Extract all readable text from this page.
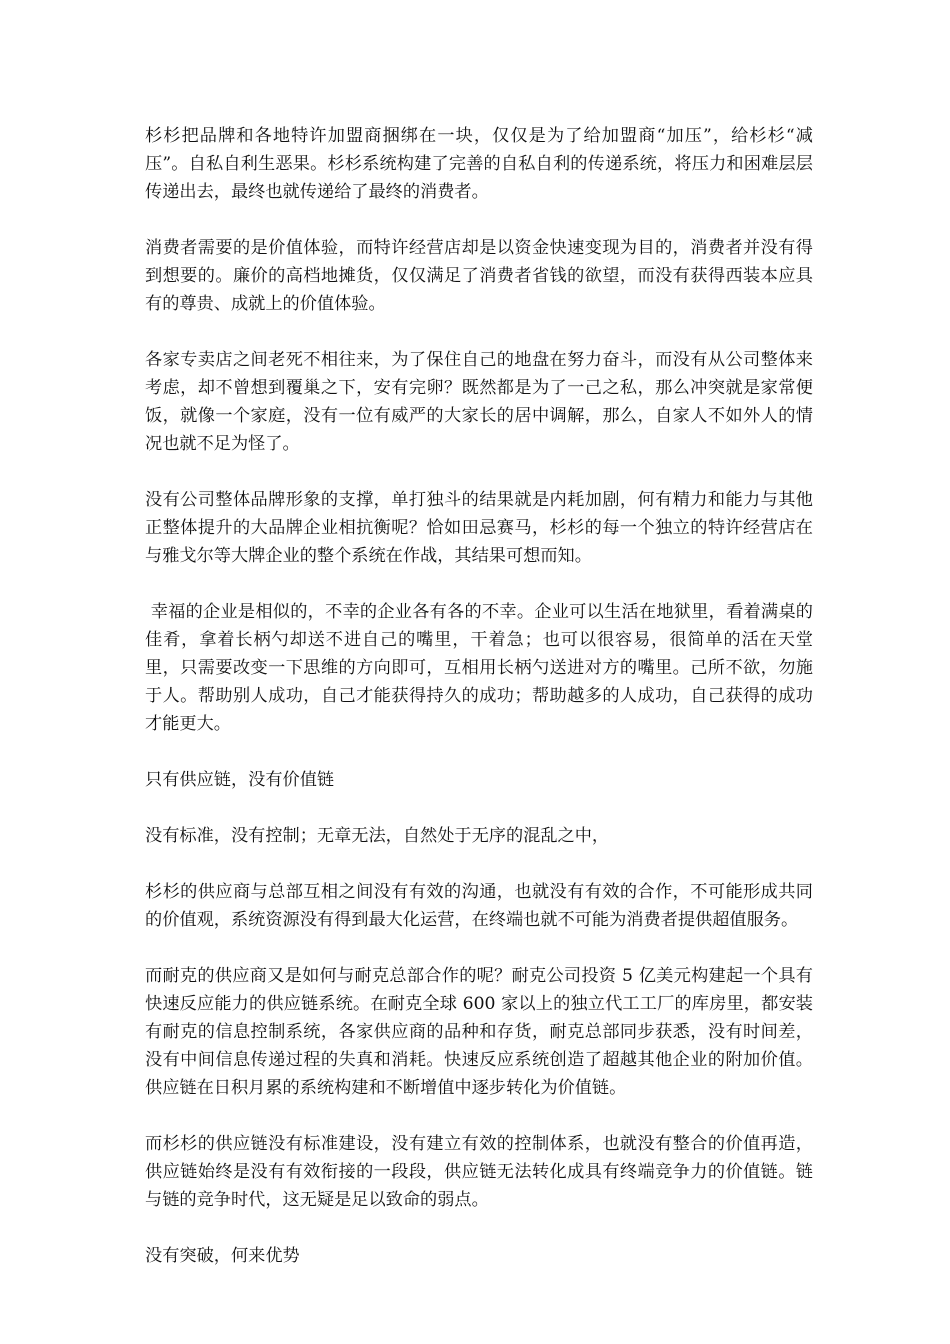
杉杉把品牌和各地特许加盟商捆绑在一块，仅仅是为了给加盟商“加压”，给杉杉“减压”。自私自利生恶果。杉杉系统构建了完善的自私自利的传递系统，将压力和困难层层传递出去，最终也就传递给了最终的消费者。

消费者需要的是价值体验，而特许经营店却是以资金快速变现为目的，消费者并没有得到想要的。廉价的高档地摊货，仅仅满足了消费者省钱的欲望，而没有获得西装本应具有的尊贵、成就上的价值体验。

各家专卖店之间老死不相往来，为了保住自己的地盘在努力奋斗，而没有从公司整体来考虑，却不曾想到覆巢之下，安有完卵？既然都是为了一己之私，那么冲突就是家常便饭，就像一个家庭，没有一位有威严的大家长的居中调解，那么，自家人不如外人的情况也就不足为怪了。

没有公司整体品牌形象的支撑，单打独斗的结果就是内耗加剧，何有精力和能力与其他正整体提升的大品牌企业相抗衡呢？恰如田忌赛马，杉杉的每一个独立的特许经营店在与雅戈尔等大牌企业的整个系统在作战，其结果可想而知。

幸福的企业是相似的，不幸的企业各有各的不幸。企业可以生活在地狱里，看着满桌的佳肴，拿着长柄勺却送不进自己的嘴里，干着急；也可以很容易，很简单的活在天堂里，只需要改变一下思维的方向即可，互相用长柄勺送进对方的嘴里。己所不欲，勿施于人。帮助别人成功，自己才能获得持久的成功；帮助越多的人成功，自己获得的成功才能更大。

只有供应链，没有价值链

没有标准，没有控制；无章无法，自然处于无序的混乱之中，

杉杉的供应商与总部互相之间没有有效的沟通，也就没有有效的合作，不可能形成共同的价值观，系统资源没有得到最大化运营，在终端也就不可能为消费者提供超值服务。

而耐克的供应商又是如何与耐克总部合作的呢？耐克公司投资 5 亿美元构建起一个具有快速反应能力的供应链系统。在耐克全球 600 家以上的独立代工工厂的库房里，都安装有耐克的信息控制系统，各家供应商的品种和存货，耐克总部同步获悉，没有时间差，没有中间信息传递过程的失真和消耗。快速反应系统创造了超越其他企业的附加价值。供应链在日积月累的系统构建和不断增值中逐步转化为价值链。

而杉杉的供应链没有标准建设，没有建立有效的控制体系，也就没有整合的价值再造，供应链始终是没有有效衔接的一段段，供应链无法转化成具有终端竞争力的价值链。链与链的竞争时代，这无疑是足以致命的弱点。

没有突破，何来优势
